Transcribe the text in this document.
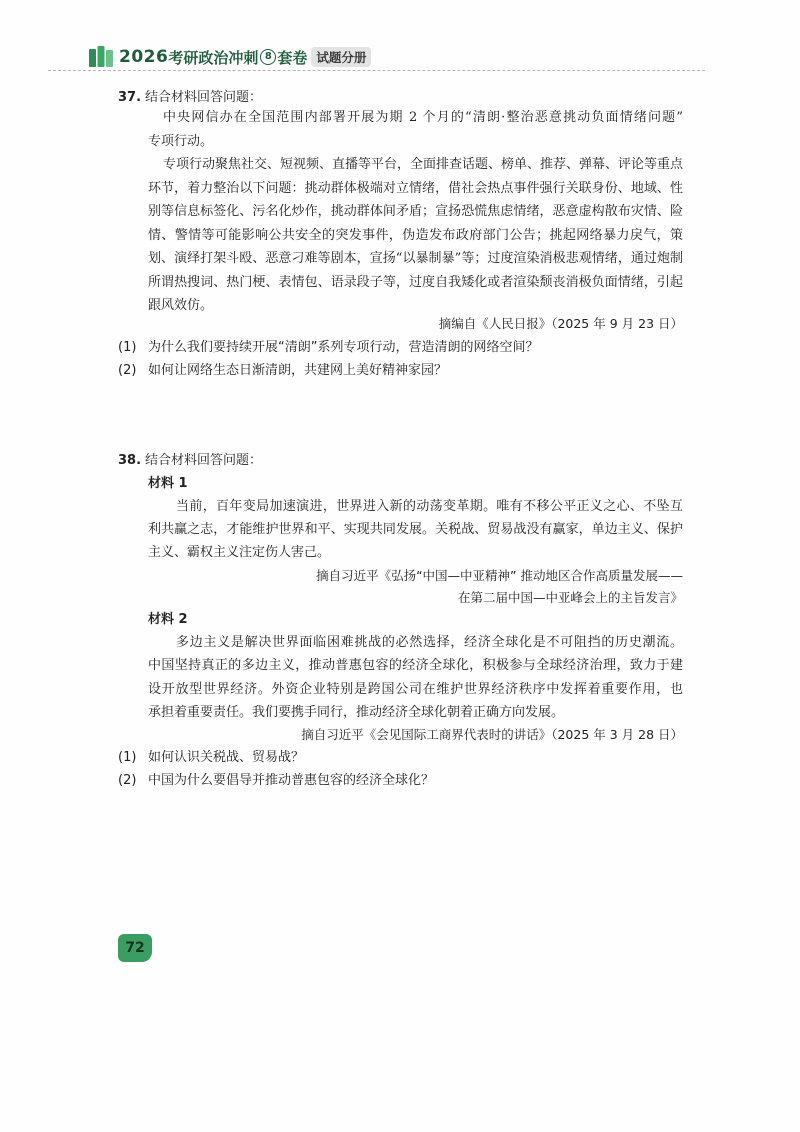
2026 考研政治冲刺 8 套卷 试题分册
37. 结合材料回答问题：
中央网信办在全国范围内部署开展为期 2 个月的“清朗·整治恶意挑动负面情绪问题”
专项行动。
专项行动聚焦社交、短视频、直播等平台，全面排查话题、榜单、推荐、弹幕、评论等重点
环节，着力整治以下问题：挑动群体极端对立情绪，借社会热点事件强行关联身份、地域、性
别等信息标签化、污名化炒作，挑动群体间矛盾；宣扬恐慌焦虑情绪，恶意虚构散布灾情、险
情、警情等可能影响公共安全的突发事件，伪造发布政府部门公告；挑起网络暴力戾气，策
划、演绎打架斗殴、恶意刁难等剧本，宣扬“以暴制暴”等；过度渲染消极悲观情绪，通过炮制
所谓热搜词、热门梗、表情包、语录段子等，过度自我矮化或者渲染颓丧消极负面情绪，引起
跟风效仿。
摘编自《人民日报》（2025 年 9 月 23 日）
(1) 为什么我们要持续开展“清朗”系列专项行动，营造清朗的网络空间？
(2) 如何让网络生态日渐清朗，共建网上美好精神家园？
38. 结合材料回答问题：
材料 1
当前，百年变局加速演进，世界进入新的动荡变革期。唯有不移公平正义之心、不坠互
利共赢之志，才能维护世界和平、实现共同发展。关税战、贸易战没有赢家，单边主义、保护
主义、霸权主义注定伤人害己。
摘自习近平《弘扬“中国—中亚精神” 推动地区合作高质量发展——
在第二届中国—中亚峰会上的主旨发言》
材料 2
多边主义是解决世界面临困难挑战的必然选择，经济全球化是不可阻挡的历史潮流。
中国坚持真正的多边主义，推动普惠包容的经济全球化，积极参与全球经济治理，致力于建
设开放型世界经济。外资企业特别是跨国公司在维护世界经济秩序中发挥着重要作用，也
承担着重要责任。我们要携手同行，推动经济全球化朝着正确方向发展。
摘自习近平《会见国际工商界代表时的讲话》（2025 年 3 月 28 日）
(1) 如何认识关税战、贸易战？
(2) 中国为什么要倡导并推动普惠包容的经济全球化？
72
